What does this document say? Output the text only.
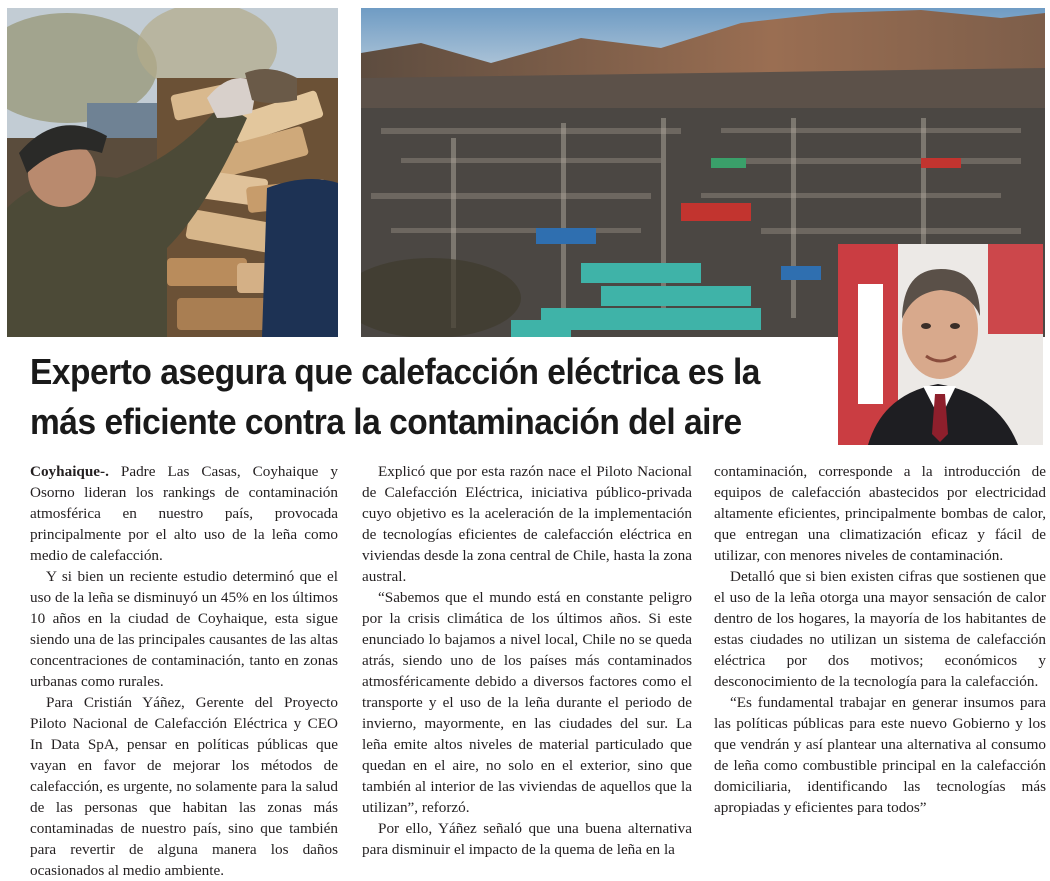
Experto asegura que calefacción eléctrica es la
más eficiente contra la contaminación del aire

Coyhaique-. Padre Las Casas, Coyhaique y Osorno lideran los rankings de contaminación atmosférica en nuestro país, provocada principalmente por el alto uso de la leña como medio de calefacción.

Y si bien un reciente estudio determinó que el uso de la leña se disminuyó un 45% en los últimos 10 años en la ciudad de Coyhaique, esta sigue siendo una de las principales causantes de las altas concentraciones de contaminación, tanto en zonas urbanas como rurales.

Para Cristián Yáñez, Gerente del Proyecto Piloto Nacional de Calefacción Eléctrica y CEO In Data SpA, pensar en políticas públicas que vayan en favor de mejorar los métodos de calefacción, es urgente, no solamente para la salud de las personas que habitan las zonas más contaminadas de nuestro país, sino que también para revertir de alguna manera los daños ocasionados al medio ambiente.

Explicó que por esta razón nace el Piloto Nacional de Calefacción Eléctrica, iniciativa público-privada cuyo objetivo es la aceleración de la implementación de tecnologías eficientes de calefacción eléctrica en viviendas desde la zona central de Chile, hasta la zona austral.

“Sabemos que el mundo está en constante peligro por la crisis climática de los últimos años. Si este enunciado lo bajamos a nivel local, Chile no se queda atrás, siendo uno de los países más contaminados atmosféricamente debido a diversos factores como el transporte y el uso de la leña durante el periodo de invierno, mayormente, en las ciudades del sur. La leña emite altos niveles de material particulado que quedan en el aire, no solo en el exterior, sino que también al interior de las viviendas de aquellos que la utilizan”, reforzó.

Por ello, Yáñez señaló que una buena alternativa para disminuir el impacto de la quema de leña en la

contaminación, corresponde a la introducción de equipos de calefacción abastecidos por electricidad altamente eficientes, principalmente bombas de calor, que entregan una climatización eficaz y fácil de utilizar, con menores niveles de contaminación.

Detalló que si bien existen cifras que sostienen que el uso de la leña otorga una mayor sensación de calor dentro de los hogares, la mayoría de los habitantes de estas ciudades no utilizan un sistema de calefacción eléctrica por dos motivos; económicos y desconocimiento de la tecnología para la calefacción.

“Es fundamental trabajar en generar insumos para las políticas públicas para este nuevo Gobierno y los que vendrán y así plantear una alternativa al consumo de leña como combustible principal en la calefacción domiciliaria, identificando las tecnologías más apropiadas y eficientes para todos”
